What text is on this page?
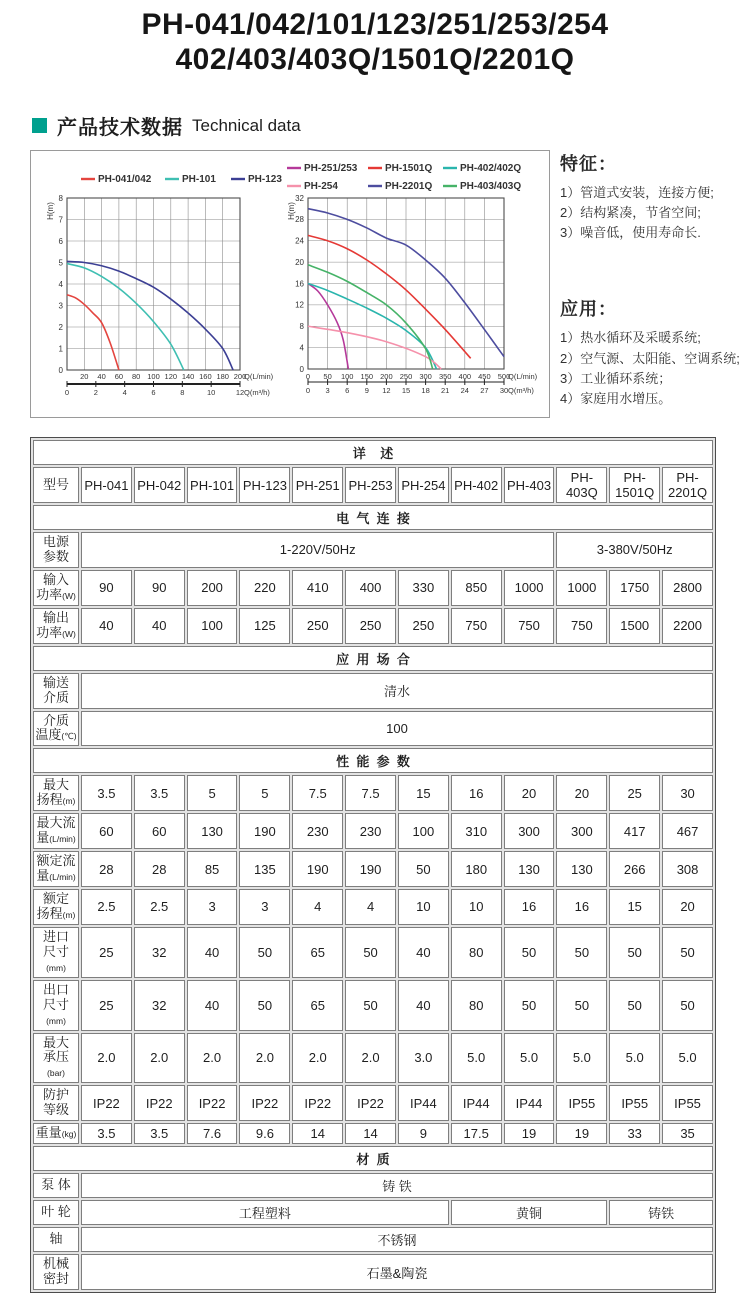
PH-041/042/101/123/251/253/254
402/403/403Q/1501Q/2201Q
产品技术数据 Technical data
0
1
2
3
4
5
6
7
8
H(m)
20 40 60 80 100 120 140 160 180 200
Q(L/min)
0	2	4	6	8	10	12 Q(m³/h)
PH-041/042	PH-101	PH-123
0
4
8
12
16
20
24
28
32
H(m)
0 50 100 150 200 250 300 350 400 450 500
Q(L/min)
0 3 6 9 12 15 18 21 24 27 30 Q(m³/h)
PH-251/253	PH-1501Q	PH-402/402Q
PH-254	PH-2201Q	PH-403/403Q
特征：
1）管道式安装，连接方便;
2）结构紧凑，节省空间;
3）噪音低，使用寿命长.
应用：
1）热水循环及采暖系统;
2）空气源、太阳能、空调系统;
3）工业循环系统；
4）家庭用水增压。
详    述												
型号	PH-041	PH-042	PH-101	PH-123	PH-251	PH-253	PH-254	PH-402	PH-403	PH-403Q	PH-1501Q	PH-2201Q
电  气  连  接												

电源
参数	1-220V/50Hz									3-380V/50Hz		

输入
功率(W)	90	90	200	220	410	400	330	850	1000	1000	1750	2800

输出
功率(W)	40	40	100	125	250	250	250	750	750	750	1500	2200
应  用  场  合												

输送
介质	清水											

介质
温度(℃)	100											
性  能  参  数												

最大
扬程(m)	3.5	3.5	5	5	7.5	7.5	15	16	20	20	25	30

最大流
量(L/min)	60	60	130	190	230	230	100	310	300	300	417	467

额定流
量(L/min)	28	28	85	135	190	190	50	180	130	130	266	308

额定
扬程(m)	2.5	2.5	3	3	4	4	10	10	16	16	15	20

进口
尺寸(mm)	25	32	40	50	65	50	40	80	50	50	50	50

出口
尺寸(mm)	25	32	40	50	65	50	40	80	50	50	50	50

最大
承压(bar)	2.0	2.0	2.0	2.0	2.0	2.0	3.0	5.0	5.0	5.0	5.0	5.0

防护
等级	IP22	IP22	IP22	IP22	IP22	IP22	IP44	IP44	IP44	IP55	IP55	IP55

重量(kg)	3.5	3.5	7.6	9.6	14	14	9	17.5	19	19	33	35
材  质												

泵 体	铸 铁											

叶 轮	工程塑料							黄铜			铸铁	

轴	不锈钢											

机械
密封	石墨&陶瓷											
